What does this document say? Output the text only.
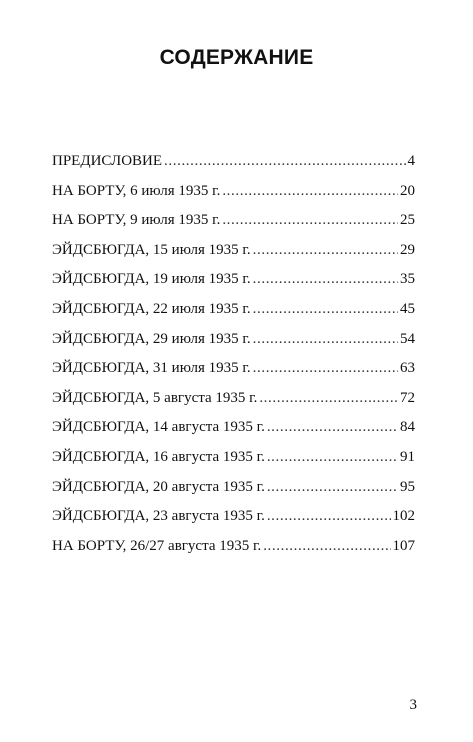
СОДЕРЖАНИЕ
ПРЕДИСЛОВИЕ .....	4
НА БОРТУ, 6 июля 1935 г. .....	20
НА БОРТУ, 9 июля 1935 г. .....	25
ЭЙДСБЮГДА, 15 июля 1935 г. .....	29
ЭЙДСБЮГДА, 19 июля 1935 г. .....	35
ЭЙДСБЮГДА, 22 июля 1935 г. .....	45
ЭЙДСБЮГДА, 29 июля 1935 г. .....	54
ЭЙДСБЮГДА, 31 июля 1935 г. .....	63
ЭЙДСБЮГДА, 5 августа 1935 г. .....	72
ЭЙДСБЮГДА, 14 августа 1935 г. .....	84
ЭЙДСБЮГДА, 16 августа 1935 г. .....	91
ЭЙДСБЮГДА, 20 августа 1935 г. .....	95
ЭЙДСБЮГДА, 23 августа 1935 г. .....	102
НА БОРТУ, 26/27 августа 1935 г. .....	107
3
